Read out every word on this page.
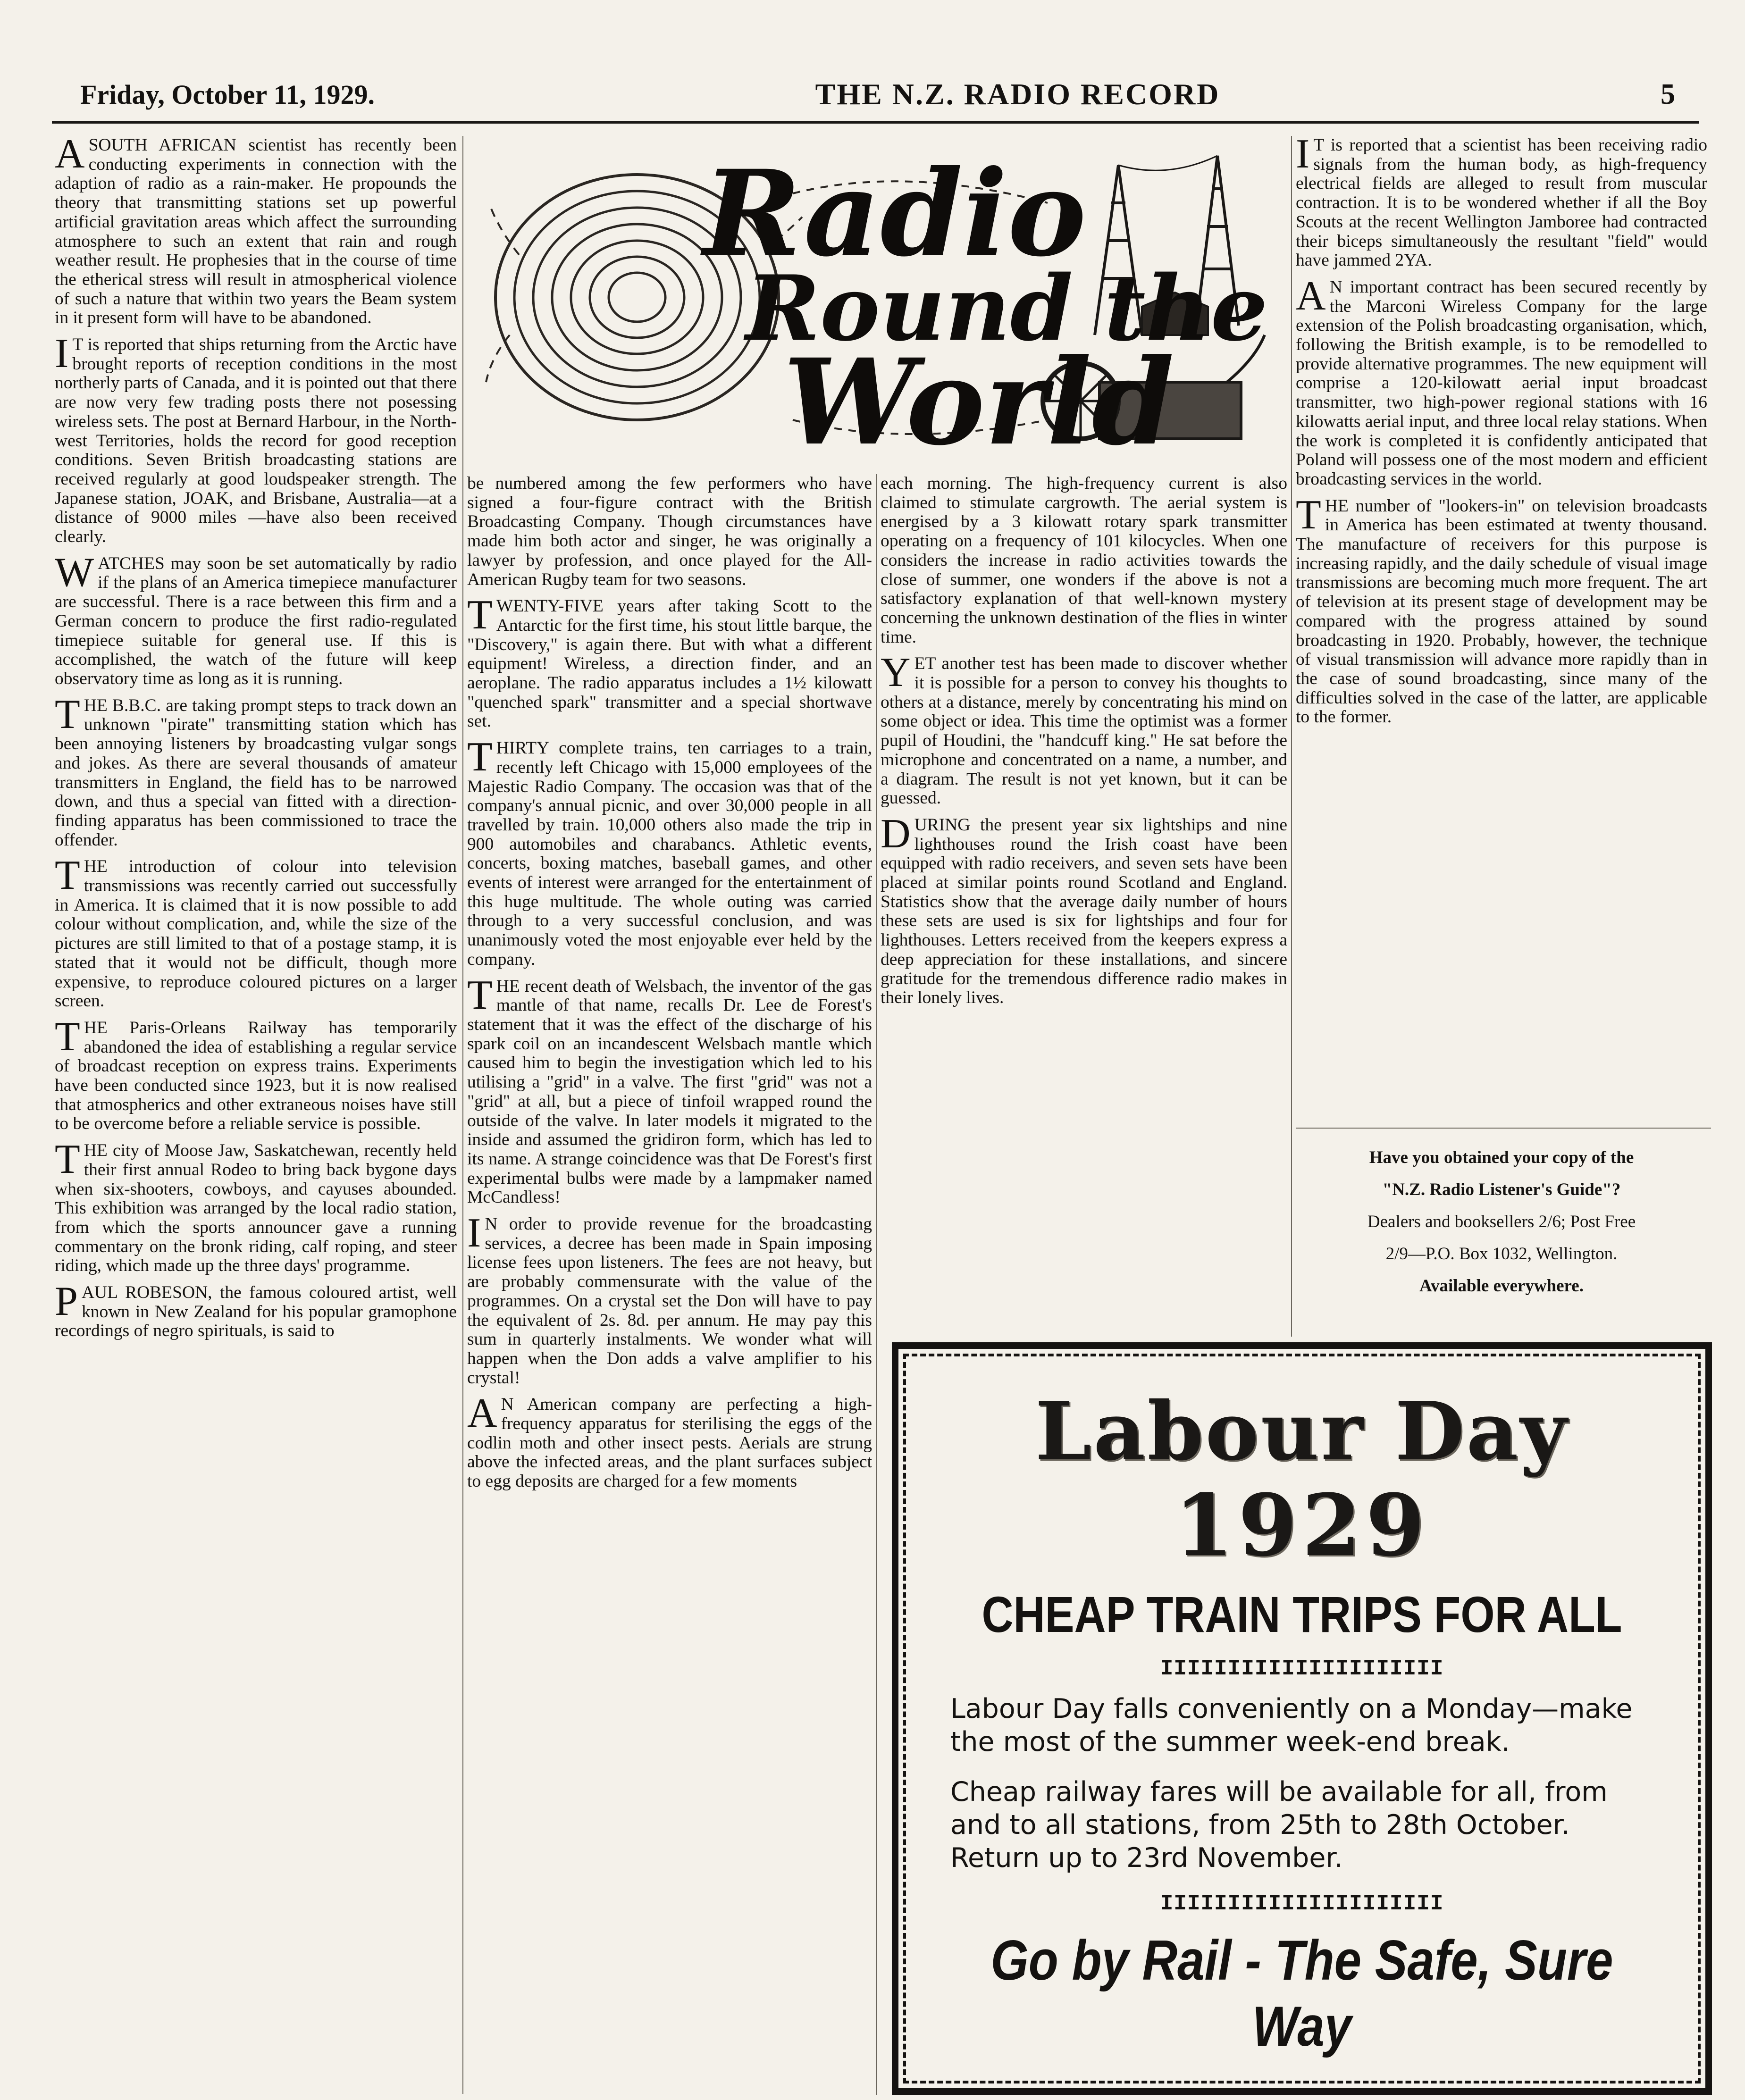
Friday, October 11, 1929.	THE N.Z. RADIO RECORD	5
Radio
Round the
World

ASOUTH AFRICAN scientist has recently been conducting experiments in connection with the adaption of radio as a rain-maker. He propounds the theory that transmitting stations set up powerful artificial gravitation areas which affect the surrounding atmosphere to such an extent that rain and rough weather result. He prophesies that in the course of time the etherical stress will result in atmospherical violence of such a nature that within two years the Beam system in it present form will have to be abandoned.

IT is reported that ships returning from the Arctic have brought reports of reception conditions in the most northerly parts of Canada, and it is pointed out that there are now very few trading posts there not posessing wireless sets. The post at Bernard Harbour, in the North-west Territories, holds the record for good reception conditions. Seven British broadcasting stations are received regularly at good loudspeaker strength. The Japanese station, JOAK, and Brisbane, Australia—at a distance of 9000 miles —have also been received clearly.

WATCHES may soon be set automatically by radio if the plans of an America timepiece manufacturer are successful. There is a race between this firm and a German concern to produce the first radio-regulated timepiece suitable for general use. If this is accomplished, the watch of the future will keep observatory time as long as it is running.

THE B.B.C. are taking prompt steps to track down an unknown "pirate" transmitting station which has been annoying listeners by broadcasting vulgar songs and jokes. As there are several thousands of amateur transmitters in England, the field has to be narrowed down, and thus a special van fitted with a direction-finding apparatus has been commissioned to trace the offender.

THE introduction of colour into television transmissions was recently carried out successfully in America. It is claimed that it is now possible to add colour without complication, and, while the size of the pictures are still limited to that of a postage stamp, it is stated that it would not be difficult, though more expensive, to reproduce coloured pictures on a larger screen.

THE Paris-Orleans Railway has temporarily abandoned the idea of establishing a regular service of broadcast reception on express trains. Experiments have been conducted since 1923, but it is now realised that atmospherics and other extraneous noises have still to be overcome before a reliable service is possible.

THE city of Moose Jaw, Saskatchewan, recently held their first annual Rodeo to bring back bygone days when six-shooters, cowboys, and cayuses abounded. This exhibition was arranged by the local radio station, from which the sports announcer gave a running commentary on the bronk riding, calf roping, and steer riding, which made up the three days' programme.

PAUL ROBESON, the famous coloured artist, well known in New Zealand for his popular gramophone recordings of negro spirituals, is said to

be numbered among the few performers who have signed a four-figure contract with the British Broadcasting Company. Though circumstances have made him both actor and singer, he was originally a lawyer by profession, and once played for the All-American Rugby team for two seasons.

TWENTY-FIVE years after taking Scott to the Antarctic for the first time, his stout little barque, the "Discovery," is again there. But with what a different equipment! Wireless, a direction finder, and an aeroplane. The radio apparatus includes a 1½ kilowatt "quenched spark" transmitter and a special shortwave set.

THIRTY complete trains, ten carriages to a train, recently left Chicago with 15,000 employees of the Majestic Radio Company. The occasion was that of the company's annual picnic, and over 30,000 people in all travelled by train. 10,000 others also made the trip in 900 automobiles and charabancs. Athletic events, concerts, boxing matches, baseball games, and other events of interest were arranged for the entertainment of this huge multitude. The whole outing was carried through to a very successful conclusion, and was unanimously voted the most enjoyable ever held by the company.

THE recent death of Welsbach, the inventor of the gas mantle of that name, recalls Dr. Lee de Forest's statement that it was the effect of the discharge of his spark coil on an incandescent Welsbach mantle which caused him to begin the investigation which led to his utilising a "grid" in a valve. The first "grid" was not a "grid" at all, but a piece of tinfoil wrapped round the outside of the valve. In later models it migrated to the inside and assumed the gridiron form, which has led to its name. A strange coincidence was that De Forest's first experimental bulbs were made by a lampmaker named McCandless!

IN order to provide revenue for the broadcasting services, a decree has been made in Spain imposing license fees upon listeners. The fees are not heavy, but are probably commensurate with the value of the programmes. On a crystal set the Don will have to pay the equivalent of 2s. 8d. per annum. He may pay this sum in quarterly instalments. We wonder what will happen when the Don adds a valve amplifier to his crystal!

AN American company are perfecting a high-frequency apparatus for sterilising the eggs of the codlin moth and other insect pests. Aerials are strung above the infected areas, and the plant surfaces subject to egg deposits are charged for a few moments

each morning. The high-frequency current is also claimed to stimulate cargrowth. The aerial system is energised by a 3 kilowatt rotary spark transmitter operating on a frequency of 101 kilocycles. When one considers the increase in radio activities towards the close of summer, one wonders if the above is not a satisfactory explanation of that well-known mystery concerning the unknown destination of the flies in winter time.

YET another test has been made to discover whether it is possible for a person to convey his thoughts to others at a distance, merely by concentrating his mind on some object or idea. This time the optimist was a former pupil of Houdini, the "handcuff king." He sat before the microphone and concentrated on a name, a number, and a diagram. The result is not yet known, but it can be guessed.

DURING the present year six lightships and nine lighthouses round the Irish coast have been equipped with radio receivers, and seven sets have been placed at similar points round Scotland and England. Statistics show that the average daily number of hours these sets are used is six for lightships and four for lighthouses. Letters received from the keepers express a deep appreciation for these installations, and sincere gratitude for the tremendous difference radio makes in their lonely lives.

IT is reported that a scientist has been receiving radio signals from the human body, as high-frequency electrical fields are alleged to result from muscular contraction. It is to be wondered whether if all the Boy Scouts at the recent Wellington Jamboree had contracted their biceps simultaneously the resultant "field" would have jammed 2YA.

AN important contract has been secured recently by the Marconi Wireless Company for the large extension of the Polish broadcasting organisation, which, following the British example, is to be remodelled to provide alternative programmes. The new equipment will comprise a 120-kilowatt aerial input broadcast transmitter, two high-power regional stations with 16 kilowatts aerial input, and three local relay stations. When the work is completed it is confidently anticipated that Poland will possess one of the most modern and efficient broadcasting services in the world.

THE number of "lookers-in" on television broadcasts in America has been estimated at twenty thousand. The manufacture of receivers for this purpose is increasing rapidly, and the daily schedule of visual image transmissions are becoming much more frequent. The art of television at its present stage of development may be compared with the progress attained by sound broadcasting in 1920. Probably, however, the technique of visual transmission will advance more rapidly than in the case of sound broadcasting, since many of the difficulties solved in the case of the latter, are applicable to the former.

Have you obtained your copy of the
"N.Z. Radio Listener's Guide"?
Dealers and booksellers 2/6; Post Free
2/9—P.O. Box 1032, Wellington.
Available everywhere.
Labour Day
1929
CHEAP TRAIN TRIPS FOR ALL
IIIIIIIIIIIIIIIIIIIII
Labour Day falls conveniently on a Monday—make the most of the summer week-end break.
Cheap railway fares will be available for all, from and to all stations, from 25th to 28th October. Return up to 23rd November.
IIIIIIIIIIIIIIIIIIIII
Go by Rail - The Safe, Sure Way
